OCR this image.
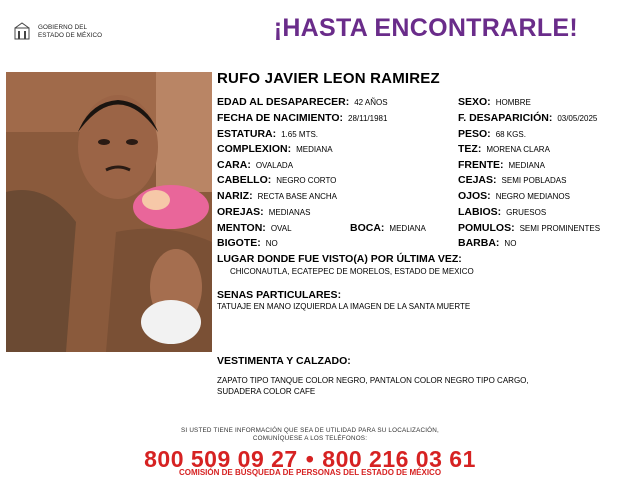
GOBIERNO DEL
ESTADO DE MÉXICO	¡HASTA ENCONTRARLE!
RUFO JAVIER LEON RAMIREZ
EDAD AL DESAPARECER: 42 AÑOS
FECHA DE NACIMIENTO: 28/11/1981
ESTATURA: 1.65 MTS.
COMPLEXION: MEDIANA
CARA: OVALADA
CABELLO: NEGRO CORTO
NARIZ: RECTA BASE ANCHA
OREJAS: MEDIANAS
MENTON: OVAL	BOCA: MEDIANA
BIGOTE: NO
SEXO: HOMBRE
F. DESAPARICIÓN: 03/05/2025
PESO: 68 KGS.
TEZ: MORENA CLARA
FRENTE: MEDIANA
CEJAS: SEMI POBLADAS
OJOS: NEGRO MEDIANOS
LABIOS: GRUESOS
POMULOS: SEMI PROMINENTES
BARBA: NO
LUGAR DONDE FUE VISTO(A) POR ÚLTIMA VEZ:
CHICONAUTLA, ECATEPEC DE MORELOS, ESTADO DE MEXICO
SENAS PARTICULARES:
TATUAJE EN MANO IZQUIERDA LA IMAGEN DE LA SANTA MUERTE
VESTIMENTA Y CALZADO:
ZAPATO TIPO TANQUE COLOR NEGRO, PANTALON COLOR NEGRO TIPO CARGO,
SUDADERA COLOR CAFE
SI USTED TIENE INFORMACIÓN QUE SEA DE UTILIDAD PARA SU LOCALIZACIÓN,
COMUNÍQUESE A LOS TELÉFONOS:
800 509 09 27 • 800 216 03 61
COMISIÓN DE BÚSQUEDA DE PERSONAS DEL ESTADO DE MÉXICO
